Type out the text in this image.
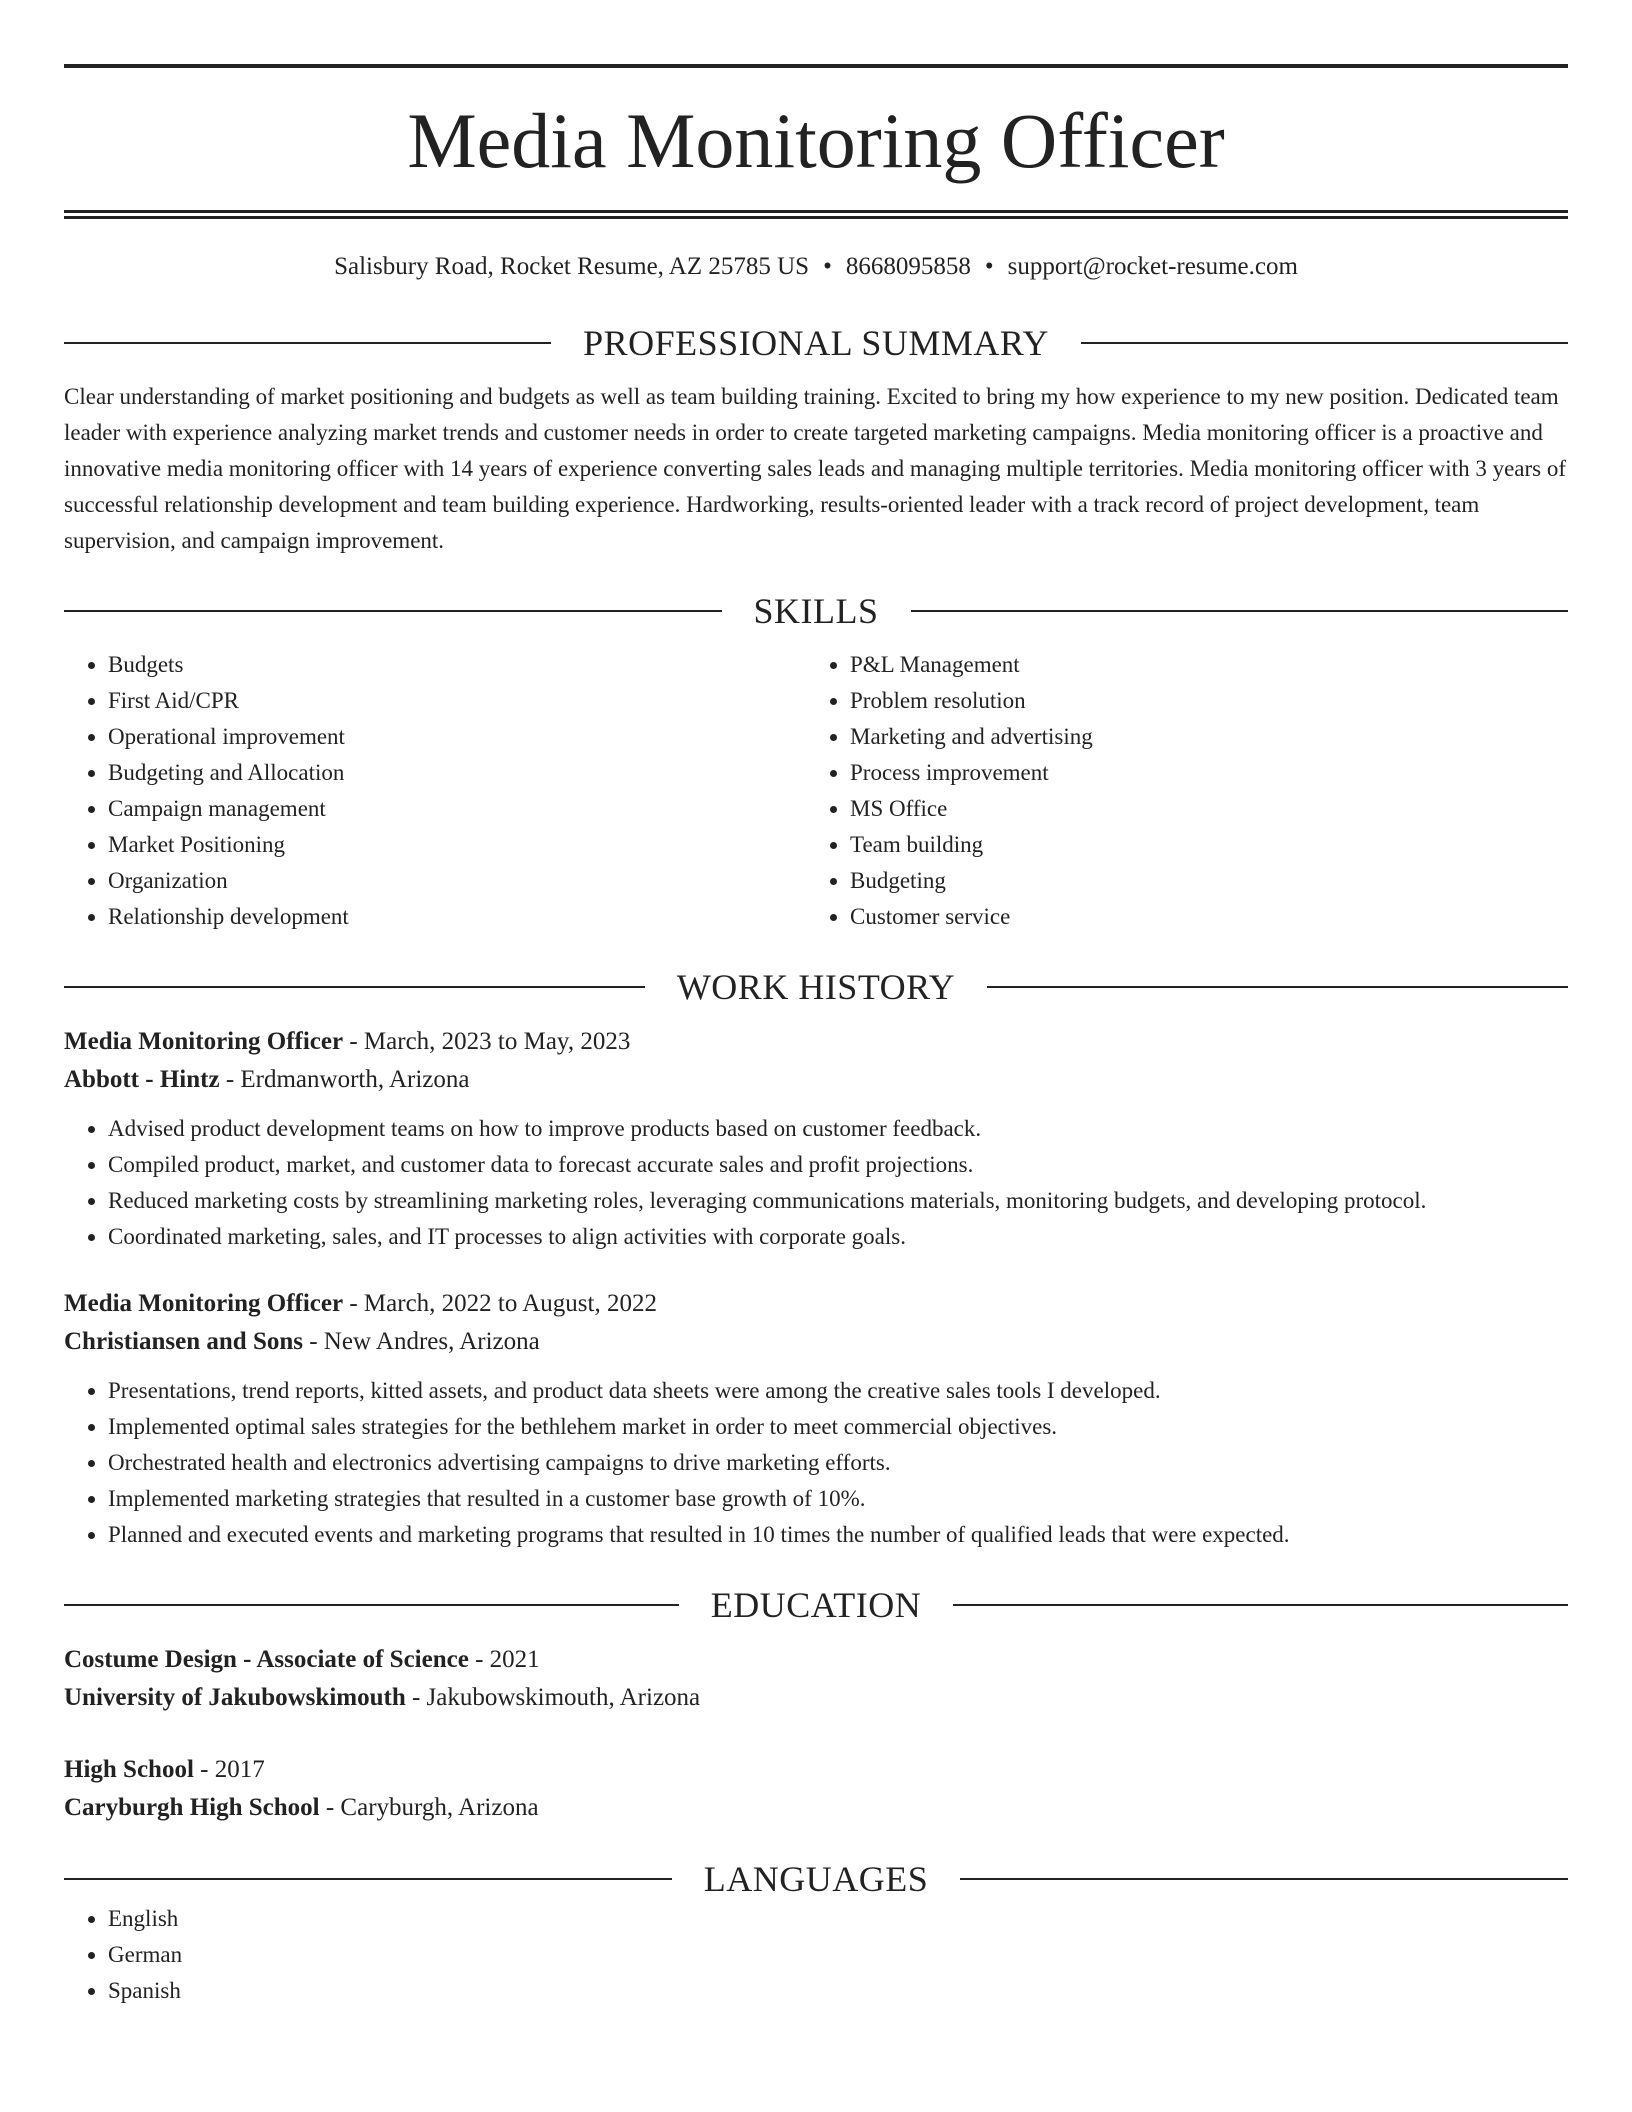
Media Monitoring Officer
Salisbury Road, Rocket Resume, AZ 25785 US • 8668095858 • support@rocket-resume.com
PROFESSIONAL SUMMARY

Clear understanding of market positioning and budgets as well as team building training. Excited to bring my how experience to my new position. Dedicated team leader with experience analyzing market trends and customer needs in order to create targeted marketing campaigns. Media monitoring officer is a proactive and innovative media monitoring officer with 14 years of experience converting sales leads and managing multiple territories. Media monitoring officer with 3 years of successful relationship development and team building experience. Hardworking, results-oriented leader with a track record of project development, team supervision, and campaign improvement.

SKILLS
• Budgets
• First Aid/CPR
• Operational improvement
• Budgeting and Allocation
• Campaign management
• Market Positioning
• Organization
• Relationship development
• P&L Management
• Problem resolution
• Marketing and advertising
• Process improvement
• MS Office
• Team building
• Budgeting
• Customer service
WORK HISTORY
Media Monitoring Officer - March, 2023 to May, 2023
Abbott - Hintz - Erdmanworth, Arizona
• Advised product development teams on how to improve products based on customer feedback.
• Compiled product, market, and customer data to forecast accurate sales and profit projections.
• Reduced marketing costs by streamlining marketing roles, leveraging communications materials, monitoring budgets, and developing protocol.
• Coordinated marketing, sales, and IT processes to align activities with corporate goals.
Media Monitoring Officer - March, 2022 to August, 2022
Christiansen and Sons - New Andres, Arizona
• Presentations, trend reports, kitted assets, and product data sheets were among the creative sales tools I developed.
• Implemented optimal sales strategies for the bethlehem market in order to meet commercial objectives.
• Orchestrated health and electronics advertising campaigns to drive marketing efforts.
• Implemented marketing strategies that resulted in a customer base growth of 10%.
• Planned and executed events and marketing programs that resulted in 10 times the number of qualified leads that were expected.
EDUCATION
Costume Design - Associate of Science - 2021
University of Jakubowskimouth - Jakubowskimouth, Arizona
High School - 2017
Caryburgh High School - Caryburgh, Arizona
LANGUAGES
• English
• German
• Spanish
